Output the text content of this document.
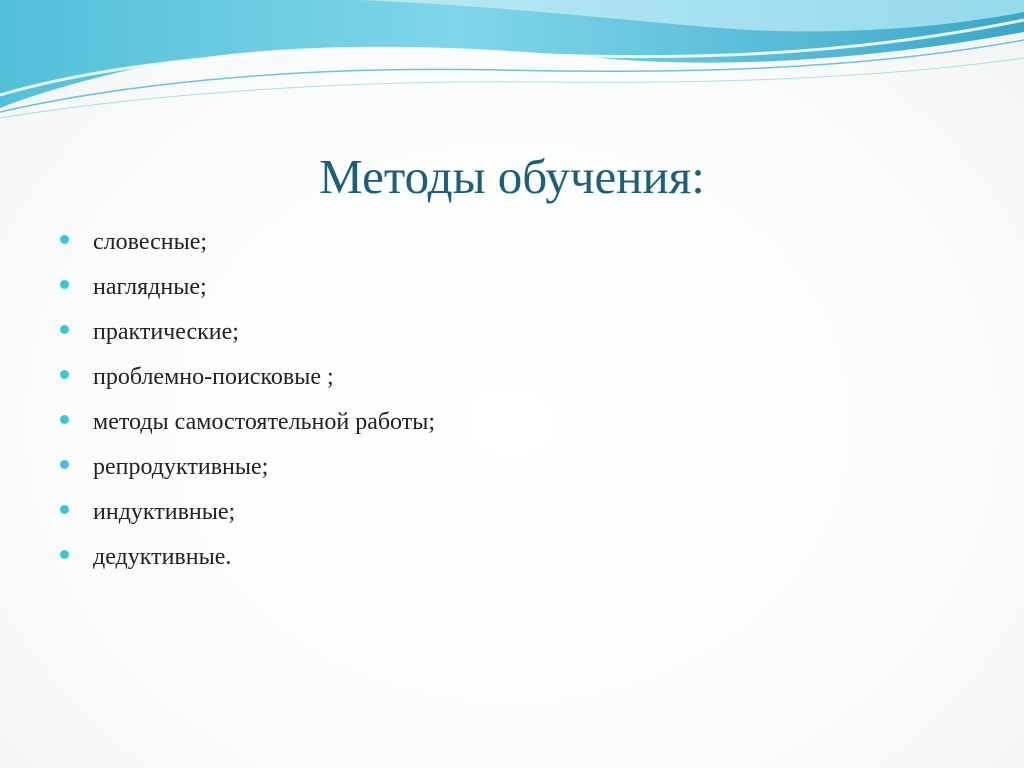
Методы обучения:
словесные;
наглядные;
практические;
проблемно-поисковые ;
методы самостоятельной работы;
репродуктивные;
индуктивные;
дедуктивные.
